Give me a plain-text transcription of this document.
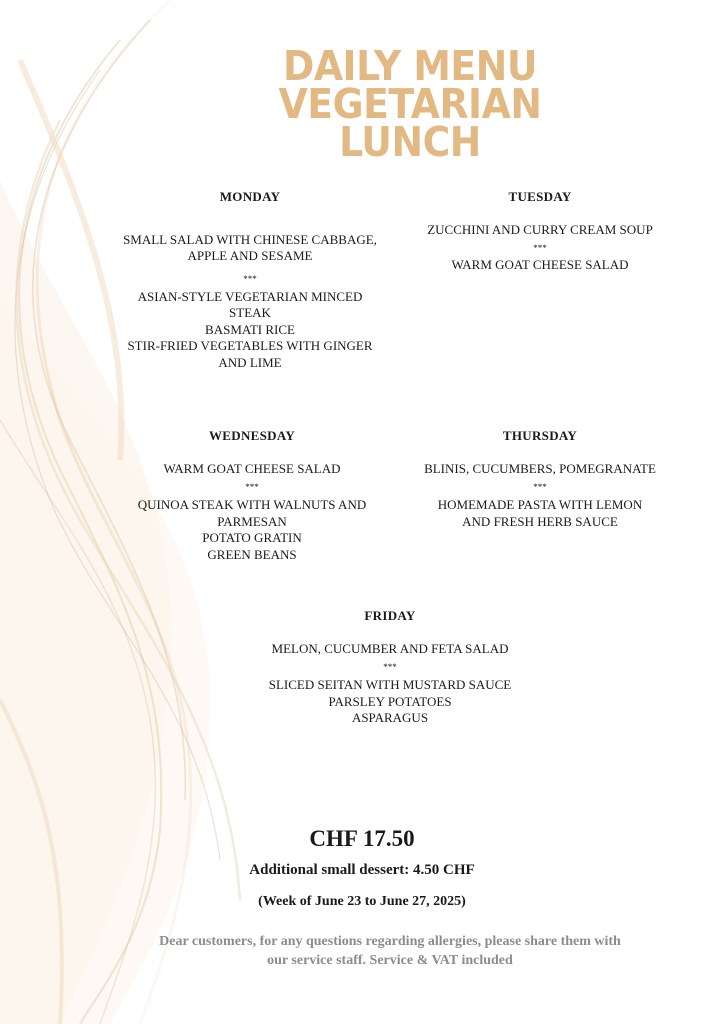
DAILY MENU
VEGETARIAN
LUNCH
MONDAY
SMALL SALAD WITH CHINESE CABBAGE,
APPLE AND SESAME
***
ASIAN-STYLE VEGETARIAN MINCED
STEAK
BASMATI RICE
STIR-FRIED VEGETABLES WITH GINGER
AND LIME
TUESDAY
ZUCCHINI AND CURRY CREAM SOUP
***
WARM GOAT CHEESE SALAD
WEDNESDAY
WARM GOAT CHEESE SALAD
***
QUINOA STEAK WITH WALNUTS AND
PARMESAN
POTATO GRATIN
GREEN BEANS
THURSDAY
BLINIS, CUCUMBERS, POMEGRANATE
***
HOMEMADE PASTA WITH LEMON
AND FRESH HERB SAUCE
FRIDAY
MELON, CUCUMBER AND FETA SALAD
***
SLICED SEITAN WITH MUSTARD SAUCE
PARSLEY POTATOES
ASPARAGUS
CHF 17.50
Additional small dessert: 4.50 CHF
(Week of June 23 to June 27, 2025)
Dear customers, for any questions regarding allergies, please share them with
our service staff. Service & VAT included
